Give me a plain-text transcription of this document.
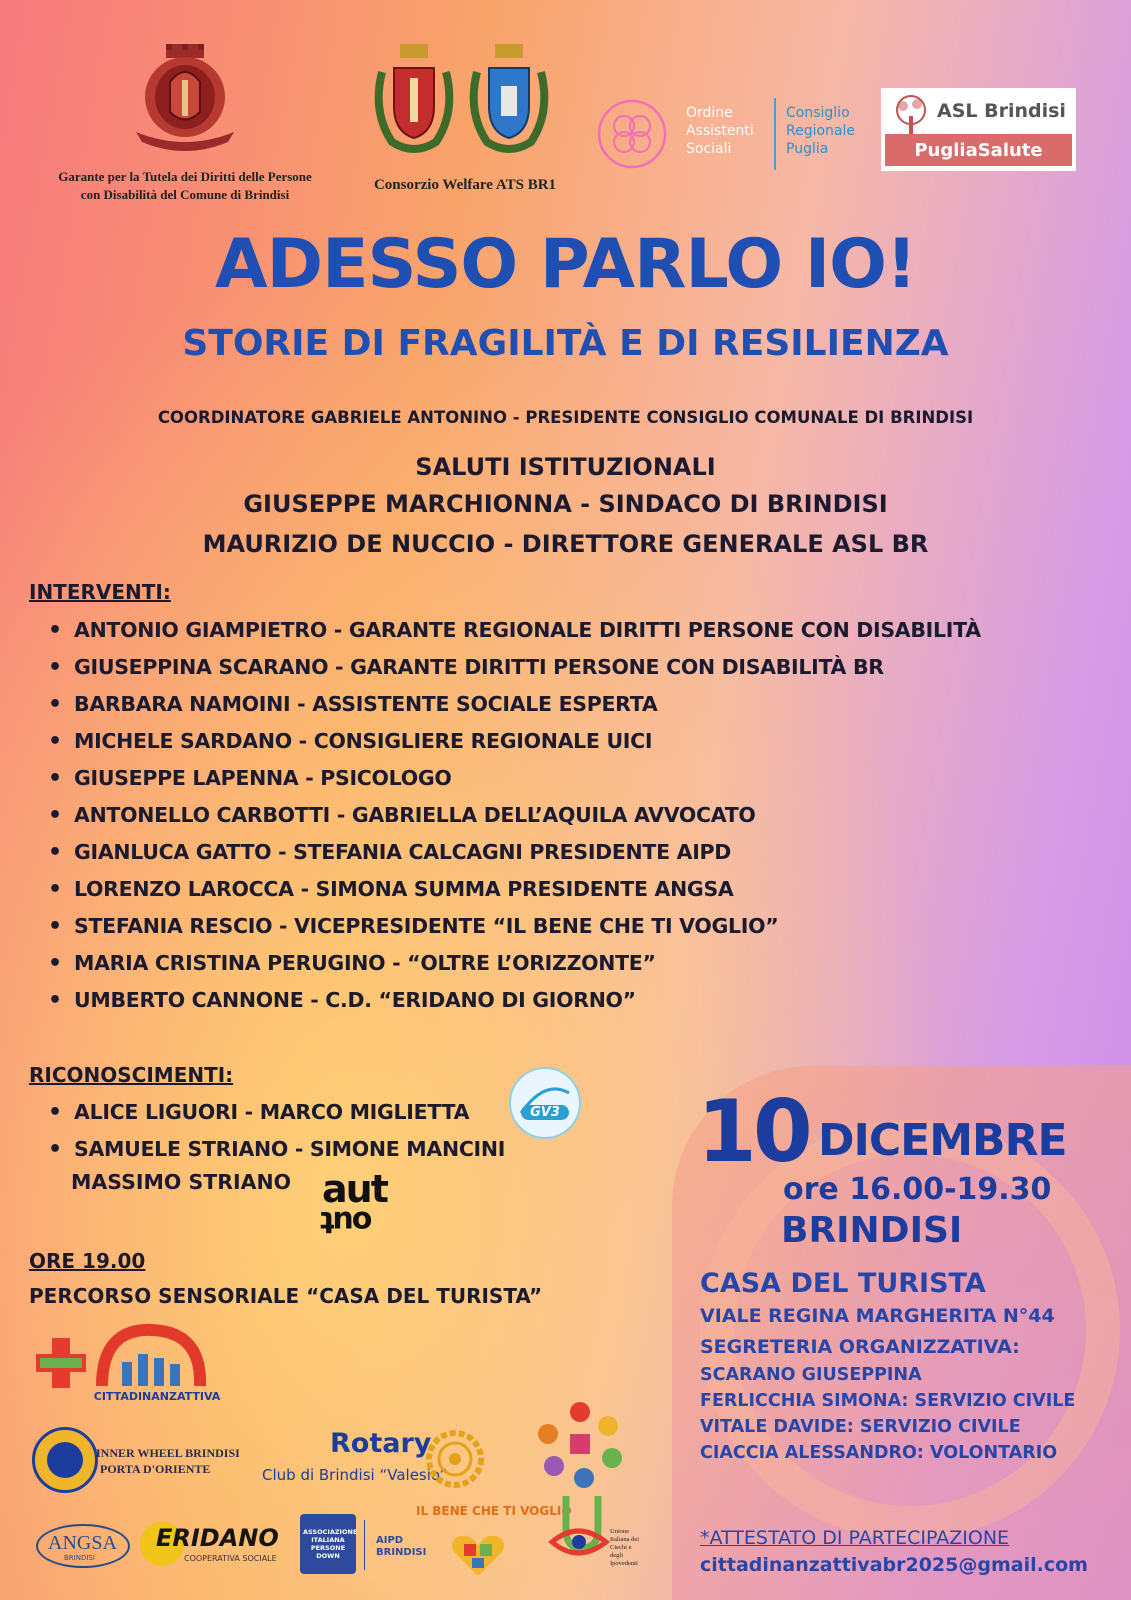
Garante per la Tutela dei Diritti delle Persone
con Disabilità del Comune di Brindisi
Consorzio Welfare ATS BR1
Ordine
Assistenti
Sociali
Consiglio
Regionale
Puglia
ASL Brindisi
PugliaSalute
ADESSO PARLO IO!
STORIE DI FRAGILITÀ E DI RESILIENZA
COORDINATORE GABRIELE ANTONINO - PRESIDENTE CONSIGLIO COMUNALE DI BRINDISI
SALUTI ISTITUZIONALI
GIUSEPPE MARCHIONNA - SINDACO DI BRINDISI
MAURIZIO DE NUCCIO - DIRETTORE GENERALE ASL BR
INTERVENTI:
• ANTONIO GIAMPIETRO - GARANTE REGIONALE DIRITTI PERSONE CON DISABILITÀ
• GIUSEPPINA SCARANO - GARANTE DIRITTI PERSONE CON DISABILITÀ BR
• BARBARA NAMOINI - ASSISTENTE SOCIALE ESPERTA
• MICHELE SARDANO - CONSIGLIERE REGIONALE UICI
• GIUSEPPE LAPENNA - PSICOLOGO
• ANTONELLO CARBOTTI - GABRIELLA DELL’AQUILA AVVOCATO
• GIANLUCA GATTO - STEFANIA CALCAGNI PRESIDENTE AIPD
• LORENZO LAROCCA - SIMONA SUMMA PRESIDENTE ANGSA
• STEFANIA RESCIO - VICEPRESIDENTE “IL BENE CHE TI VOGLIO”
• MARIA CRISTINA PERUGINO - “OLTRE L’ORIZZONTE”
• UMBERTO CANNONE - C.D. “ERIDANO DI GIORNO”
RICONOSCIMENTI:
• ALICE LIGUORI - MARCO MIGLIETTA
• SAMUELE STRIANO - SIMONE MANCINI
MASSIMO STRIANO
GV3
aut
out
ORE 19.00
PERCORSO SENSORIALE “CASA DEL TURISTA”
10 DICEMBRE
ore 16.00-19.30
BRINDISI
CASA DEL TURISTA
VIALE REGINA MARGHERITA N°44
SEGRETERIA ORGANIZZATIVA:
SCARANO GIUSEPPINA
FERLICCHIA SIMONA: SERVIZIO CIVILE
VITALE DAVIDE: SERVIZIO CIVILE
CIACCIA ALESSANDRO: VOLONTARIO
*ATTESTATO DI PARTECIPAZIONE
cittadinanzattivabr2025@gmail.com
CITTADINANZATTIVA
INNER WHEEL BRINDISI
PORTA D'ORIENTE
Rotary
Club di Brindisi “Valesio”
ANGSA
BRINDISI
ERIDANO
COOPERATIVA SOCIALE
ASSOCIAZIONE ITALIANA PERSONE DOWN
AIPD
BRINDISI
IL BENE CHE TI VOGLIO
Unione Italiana dei Ciechi e degli Ipovedenti
